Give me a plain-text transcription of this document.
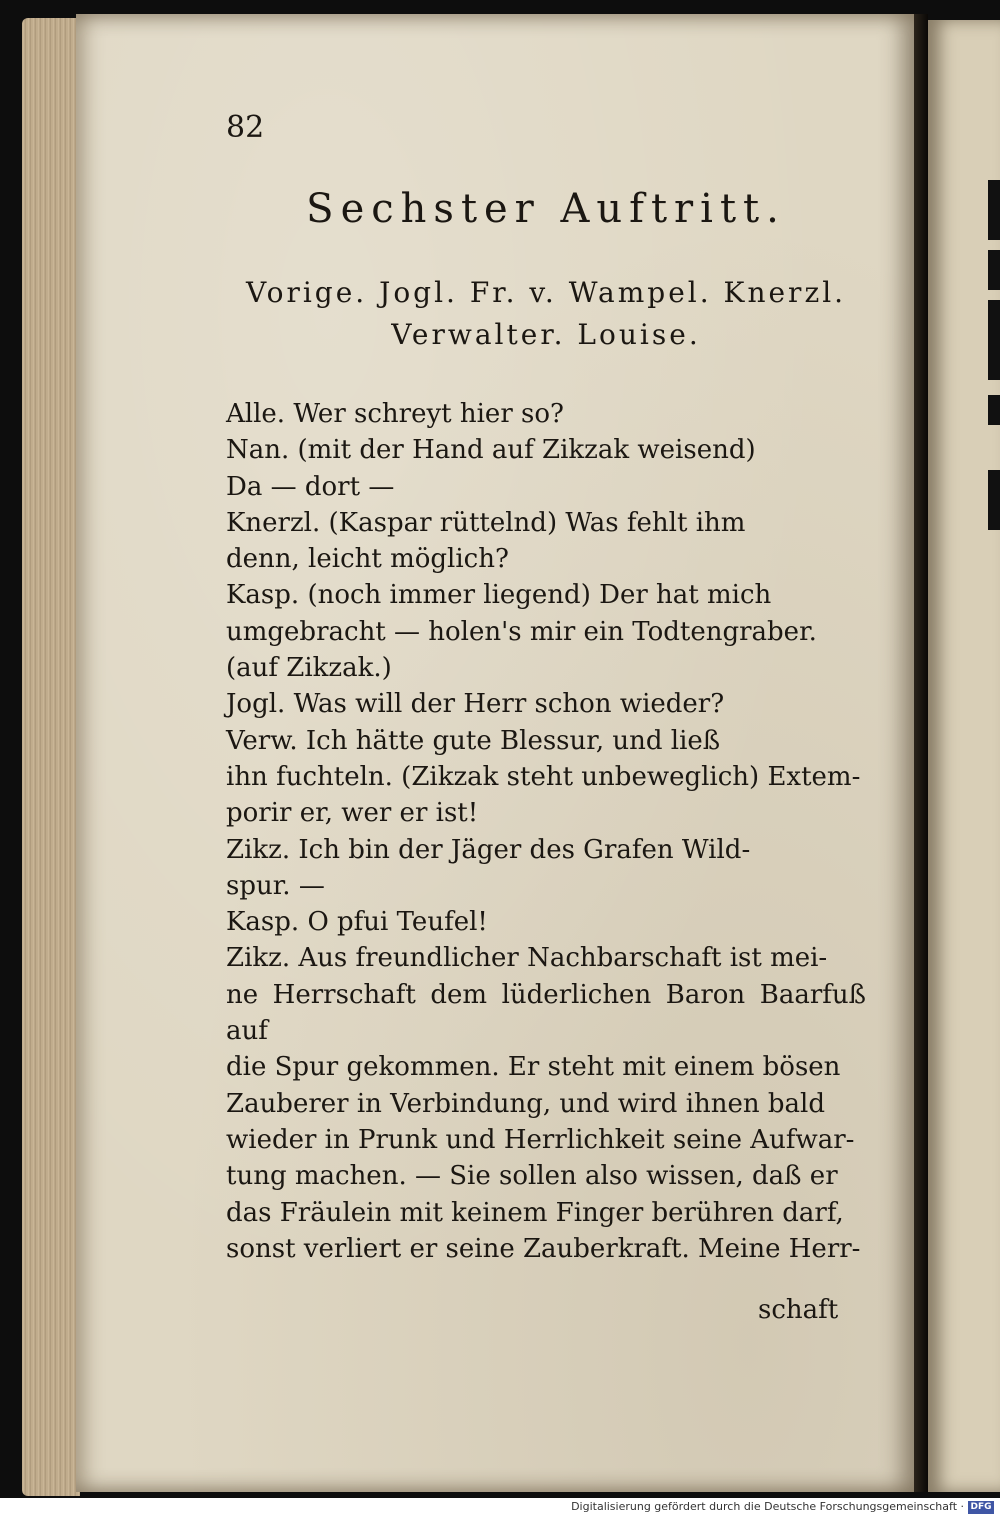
82
Sechster Auftritt.
Vorige. Jogl. Fr. v. Wampel. Knerzl.
Verwalter. Louise.
Alle. Wer schreyt hier so?
Nan. (mit der Hand auf Zikzak weisend)
Da — dort —
Knerzl. (Kaspar rüttelnd) Was fehlt ihm
denn, leicht möglich?
Kasp. (noch immer liegend) Der hat mich
umgebracht — holen's mir ein Todtengraber.
(auf Zikzak.)
Jogl. Was will der Herr schon wieder?
Verw. Ich hätte gute Blessur, und ließ
ihn fuchteln. (Zikzak steht unbeweglich) Extem-
porir er, wer er ist!
Zikz. Ich bin der Jäger des Grafen Wild-
spur. —
Kasp. O pfui Teufel!
Zikz. Aus freundlicher Nachbarschaft ist mei-
ne Herrschaft dem lüderlichen Baron Baarfuß auf
die Spur gekommen. Er steht mit einem bösen
Zauberer in Verbindung, und wird ihnen bald
wieder in Prunk und Herrlichkeit seine Aufwar-
tung machen. — Sie sollen also wissen, daß er
das Fräulein mit keinem Finger berühren darf,
sonst verliert er seine Zauberkraft. Meine Herr-
schaft
Digitalisierung gefördert durch die Deutsche Forschungsgemeinschaft · DFG
